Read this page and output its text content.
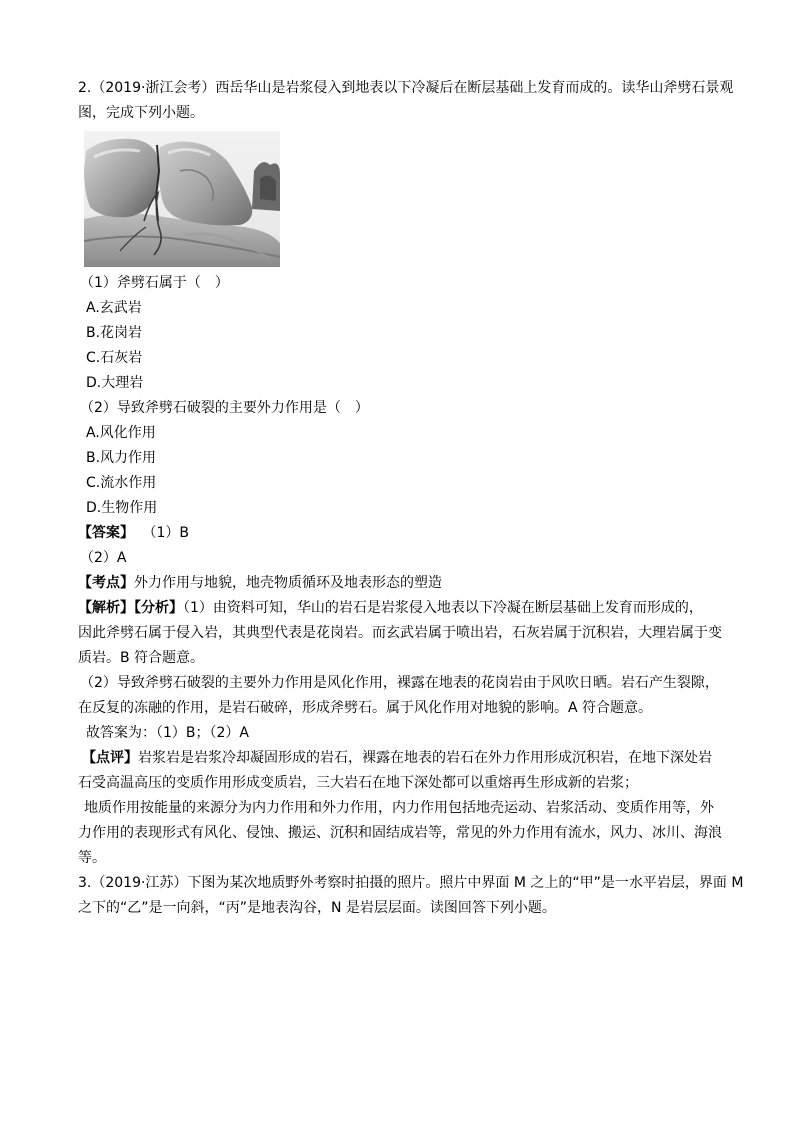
2.（2019·浙江会考）西岳华山是岩浆侵入到地表以下冷凝后在断层基础上发育而成的。读华山斧劈石景观
图，完成下列小题。
（1）斧劈石属于（　）
A.玄武岩
B.花岗岩
C.石灰岩
D.大理岩
（2）导致斧劈石破裂的主要外力作用是（　）
A.风化作用
B.风力作用
C.流水作用
D.生物作用
【答案】 （1）B
（2）A
【考点】外力作用与地貌，地壳物质循环及地表形态的塑造
【解析】【分析】（1）由资料可知，华山的岩石是岩浆侵入地表以下冷凝在断层基础上发育而形成的，
因此斧劈石属于侵入岩，其典型代表是花岗岩。而玄武岩属于喷出岩，石灰岩属于沉积岩，大理岩属于变
质岩。B 符合题意。
（2）导致斧劈石破裂的主要外力作用是风化作用，裸露在地表的花岗岩由于风吹日晒。岩石产生裂隙，
在反复的冻融的作用，是岩石破碎，形成斧劈石。属于风化作用对地貌的影响。A 符合题意。
故答案为：（1）B；（2）A
【点评】岩浆岩是岩浆冷却凝固形成的岩石，裸露在地表的岩石在外力作用形成沉积岩，在地下深处岩
石受高温高压的变质作用形成变质岩，三大岩石在地下深处都可以重熔再生形成新的岩浆；
地质作用按能量的来源分为内力作用和外力作用，内力作用包括地壳运动、岩浆活动、变质作用等，外
力作用的表现形式有风化、侵蚀、搬运、沉积和固结成岩等，常见的外力作用有流水，风力、冰川、海浪
等。
3.（2019·江苏）下图为某次地质野外考察时拍摄的照片。照片中界面 M 之上的“甲”是一水平岩层，界面 M
之下的“乙”是一向斜，“丙”是地表沟谷，N 是岩层层面。读图回答下列小题。
